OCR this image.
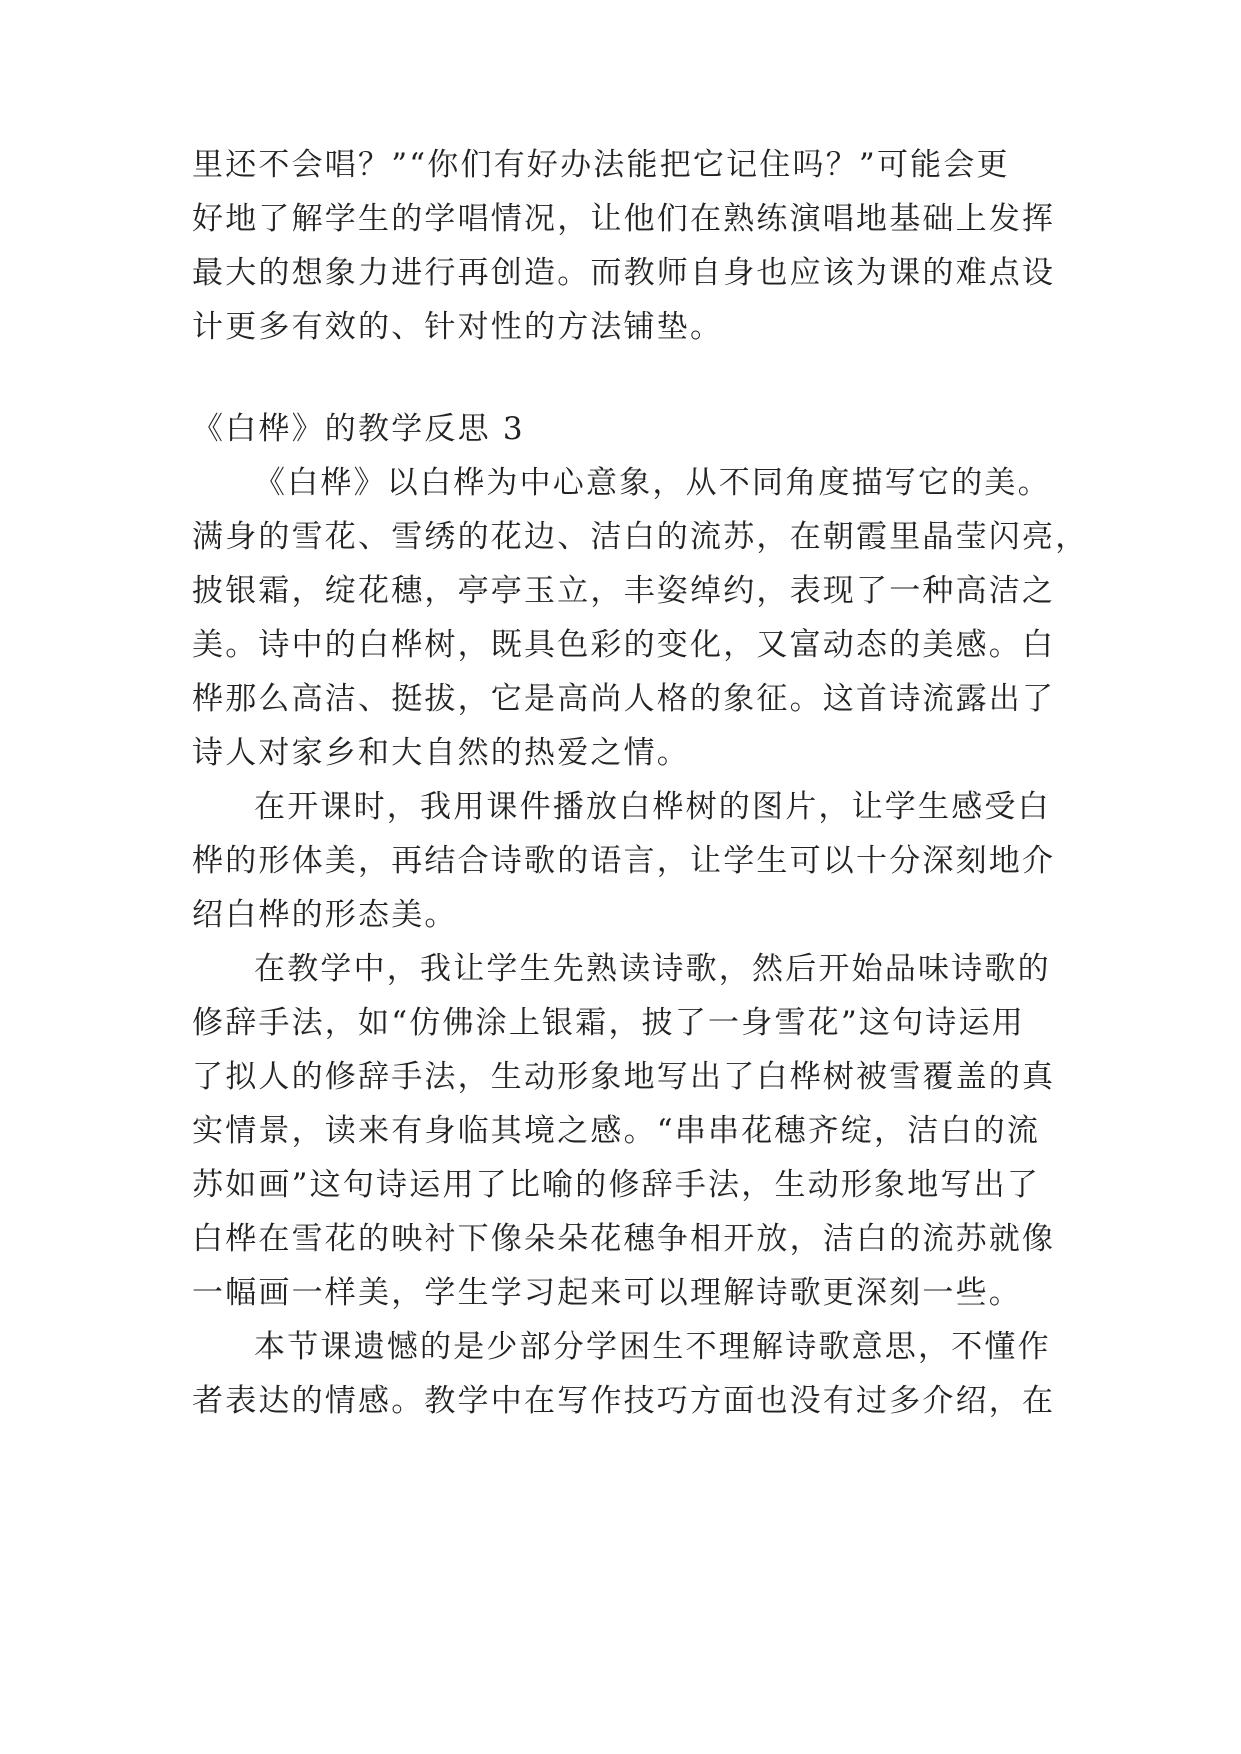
里还不会唱？”“你们有好办法能把它记住吗？”可能会更
好地了解学生的学唱情况，让他们在熟练演唱地基础上发挥
最大的想象力进行再创造。而教师自身也应该为课的难点设
计更多有效的、针对性的方法铺垫。
《白桦》的教学反思 3
《白桦》以白桦为中心意象，从不同角度描写它的美。
满身的雪花、雪绣的花边、洁白的流苏，在朝霞里晶莹闪亮，
披银霜，绽花穗，亭亭玉立，丰姿绰约，表现了一种高洁之
美。诗中的白桦树，既具色彩的变化，又富动态的美感。白
桦那么高洁、挺拔，它是高尚人格的象征。这首诗流露出了
诗人对家乡和大自然的热爱之情。
在开课时，我用课件播放白桦树的图片，让学生感受白
桦的形体美，再结合诗歌的语言，让学生可以十分深刻地介
绍白桦的形态美。
在教学中，我让学生先熟读诗歌，然后开始品味诗歌的
修辞手法，如“仿佛涂上银霜，披了一身雪花”这句诗运用
了拟人的修辞手法，生动形象地写出了白桦树被雪覆盖的真
实情景，读来有身临其境之感。“串串花穗齐绽，洁白的流
苏如画”这句诗运用了比喻的修辞手法，生动形象地写出了
白桦在雪花的映衬下像朵朵花穗争相开放，洁白的流苏就像
一幅画一样美，学生学习起来可以理解诗歌更深刻一些。
本节课遗憾的是少部分学困生不理解诗歌意思，不懂作
者表达的情感。教学中在写作技巧方面也没有过多介绍，在
